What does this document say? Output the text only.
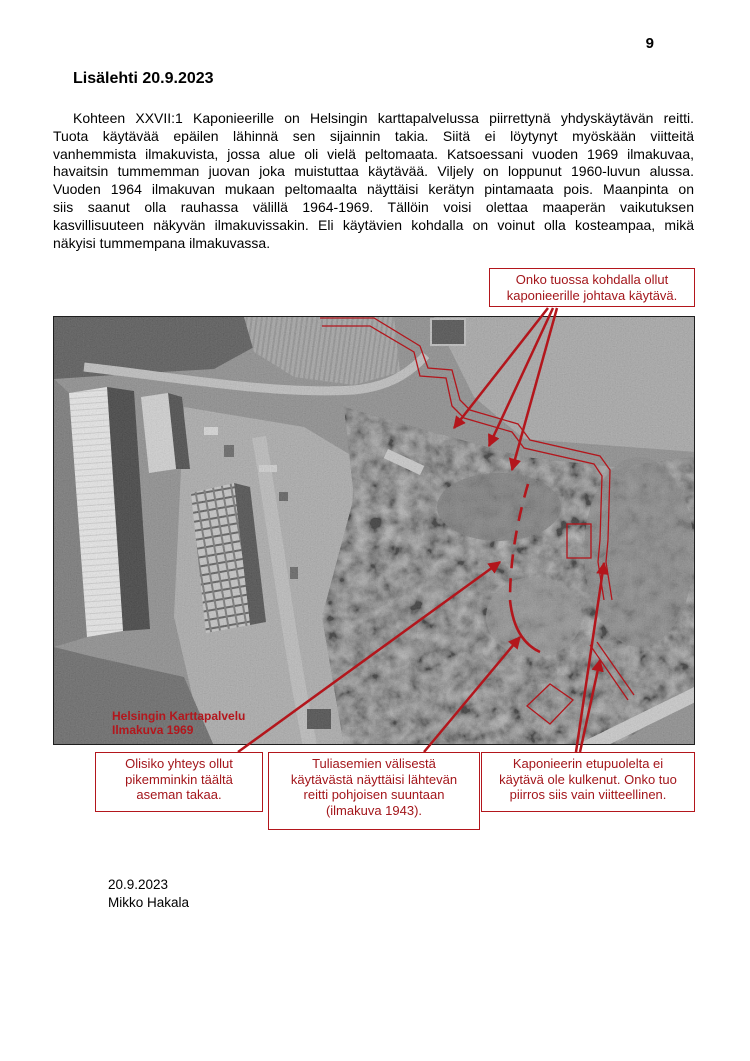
9
Lisälehti 20.9.2023
Kohteen XXVII:1 Kaponieerille on Helsingin karttapalvelussa piirrettynä yhdyskäytävän reitti.
Tuota käytävää epäilen lähinnä sen sijainnin takia. Siitä ei löytynyt myöskään viitteitä
vanhemmista ilmakuvista, jossa alue oli vielä peltomaata. Katsoessani vuoden 1969 ilmakuvaa,
havaitsin tummemman juovan joka muistuttaa käytävää. Viljely on loppunut 1960-luvun alussa.
Vuoden 1964 ilmakuvan mukaan peltomaalta näyttäisi kerätyn pintamaata pois. Maanpinta on
siis saanut olla rauhassa välillä 1964-1969. Tällöin voisi olettaa maaperän vaikutuksen
kasvillisuuteen näkyvän ilmakuvissakin. Eli käytävien kohdalla on voinut olla kosteampaa, mikä
näkyisi tummempana ilmakuvassa.
Helsingin Karttapalvelu
Ilmakuva 1969
Onko tuossa kohdalla ollut
kaponieerille johtava käytävä.
Olisiko yhteys ollut
pikemminkin täältä
aseman takaa.
Tuliasemien välisestä
käytävästä näyttäisi lähtevän
reitti pohjoisen suuntaan
(ilmakuva 1943).
Kaponieerin etupuolelta ei
käytävä ole kulkenut. Onko tuo
piirros siis vain viitteellinen.
20.9.2023
Mikko Hakala
